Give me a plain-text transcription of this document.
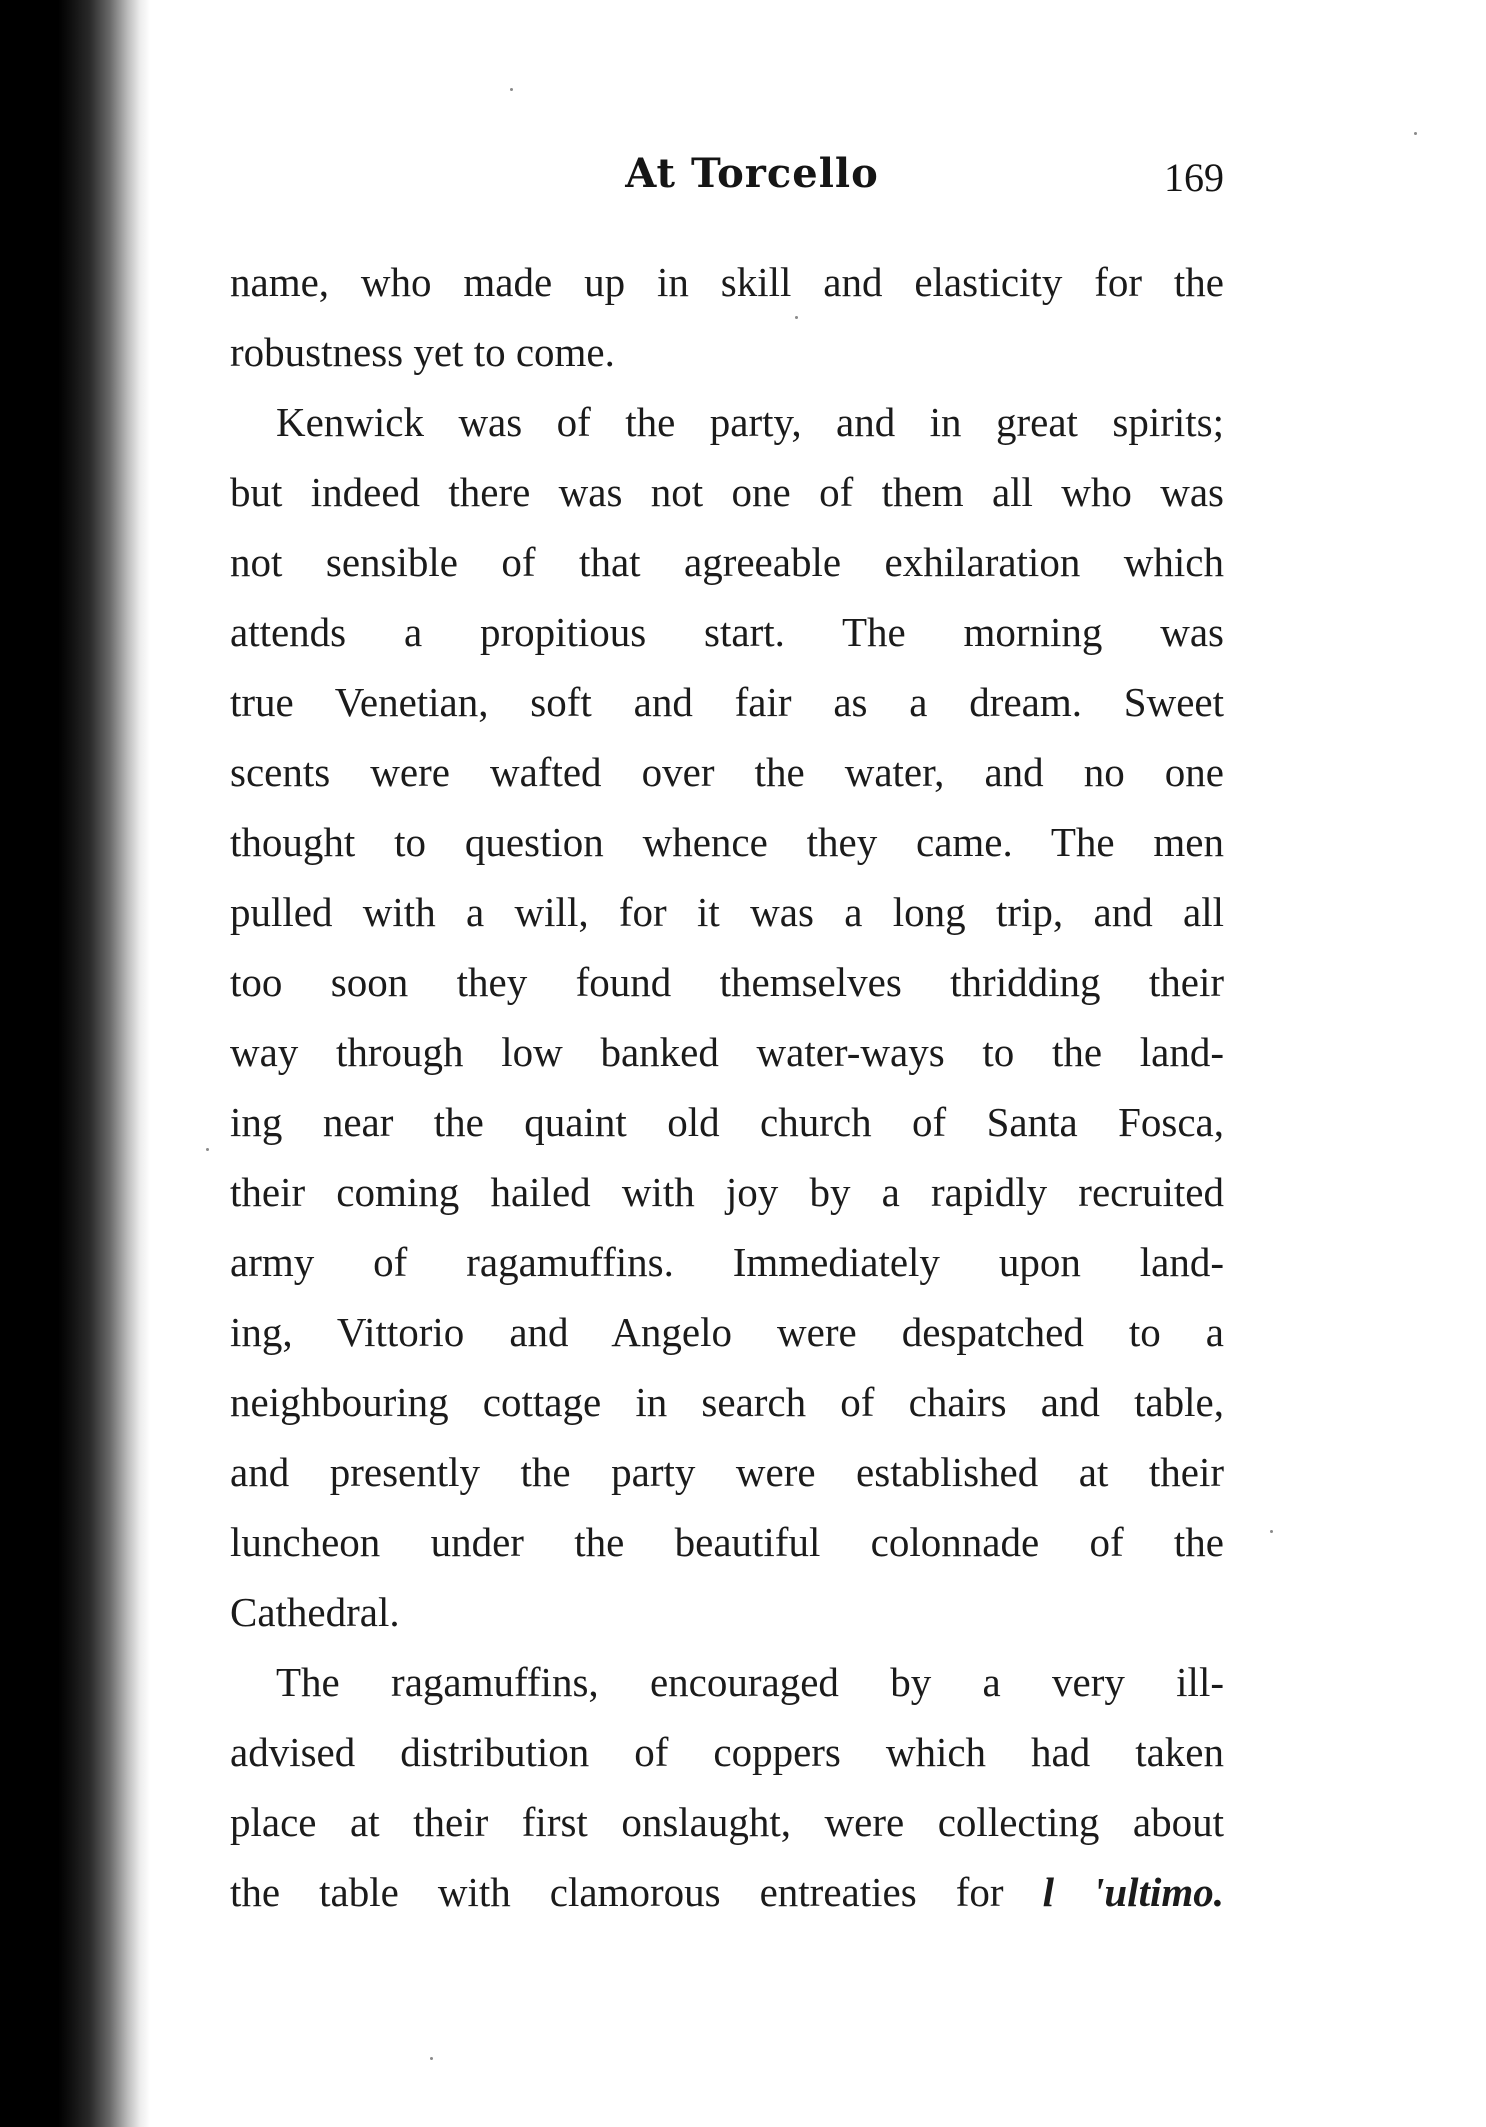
At Torcello	169
name, who made up in skill and elasticity for the
robustness yet to come.
Kenwick was of the party, and in great spirits;
but indeed there was not one of them all who was
not sensible of that agreeable exhilaration which
attends a propitious start. The morning was
true Venetian, soft and fair as a dream. Sweet
scents were wafted over the water, and no one
thought to question whence they came. The men
pulled with a will, for it was a long trip, and all
too soon they found themselves thridding their
way through low banked water-ways to the land-
ing near the quaint old church of Santa Fosca,
their coming hailed with joy by a rapidly recruited
army of ragamuffins. Immediately upon land-
ing, Vittorio and Angelo were despatched to a
neighbouring cottage in search of chairs and table,
and presently the party were established at their
luncheon under the beautiful colonnade of the
Cathedral.
The ragamuffins, encouraged by a very ill-
advised distribution of coppers which had taken
place at their first onslaught, were collecting about
the table with clamorous entreaties for l 'ultimo.
